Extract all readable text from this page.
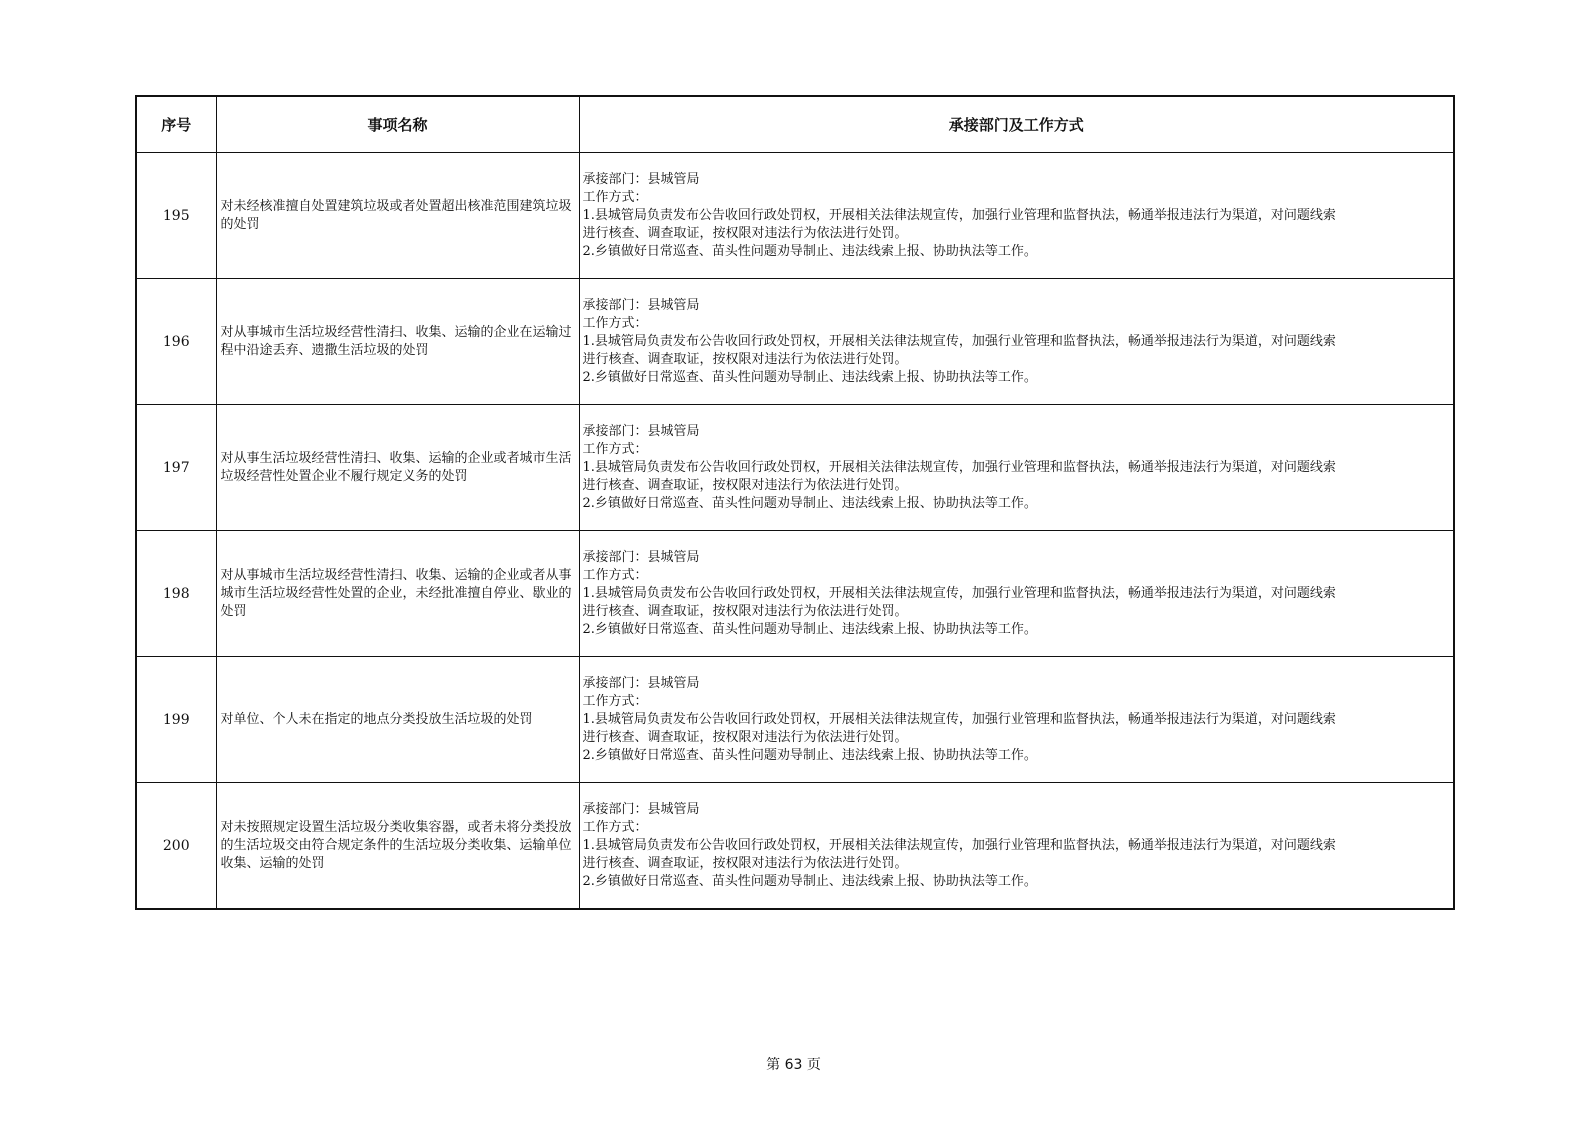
序号	事项名称	承接部门及工作方式
195	对未经核准擅自处置建筑垃圾或者处置超出核准范围建筑垃圾的处罚	承接部门：县城管局
工作方式：
1.县城管局负责发布公告收回行政处罚权，开展相关法律法规宣传，加强行业管理和监督执法，畅通举报违法行为渠道，对问题线索
进行核查、调查取证，按权限对违法行为依法进行处罚。
2.乡镇做好日常巡查、苗头性问题劝导制止、违法线索上报、协助执法等工作。

196	对从事城市生活垃圾经营性清扫、收集、运输的企业在运输过程中沿途丢弃、遗撒生活垃圾的处罚	承接部门：县城管局
工作方式：
1.县城管局负责发布公告收回行政处罚权，开展相关法律法规宣传，加强行业管理和监督执法，畅通举报违法行为渠道，对问题线索
进行核查、调查取证，按权限对违法行为依法进行处罚。
2.乡镇做好日常巡查、苗头性问题劝导制止、违法线索上报、协助执法等工作。

197	对从事生活垃圾经营性清扫、收集、运输的企业或者城市生活垃圾经营性处置企业不履行规定义务的处罚	承接部门：县城管局
工作方式：
1.县城管局负责发布公告收回行政处罚权，开展相关法律法规宣传，加强行业管理和监督执法，畅通举报违法行为渠道，对问题线索
进行核查、调查取证，按权限对违法行为依法进行处罚。
2.乡镇做好日常巡查、苗头性问题劝导制止、违法线索上报、协助执法等工作。

198	对从事城市生活垃圾经营性清扫、收集、运输的企业或者从事城市生活垃圾经营性处置的企业，未经批准擅自停业、歇业的处罚	承接部门：县城管局
工作方式：
1.县城管局负责发布公告收回行政处罚权，开展相关法律法规宣传，加强行业管理和监督执法，畅通举报违法行为渠道，对问题线索
进行核查、调查取证，按权限对违法行为依法进行处罚。
2.乡镇做好日常巡查、苗头性问题劝导制止、违法线索上报、协助执法等工作。

199	对单位、个人未在指定的地点分类投放生活垃圾的处罚	承接部门：县城管局
工作方式：
1.县城管局负责发布公告收回行政处罚权，开展相关法律法规宣传，加强行业管理和监督执法，畅通举报违法行为渠道，对问题线索
进行核查、调查取证，按权限对违法行为依法进行处罚。
2.乡镇做好日常巡查、苗头性问题劝导制止、违法线索上报、协助执法等工作。

200	对未按照规定设置生活垃圾分类收集容器，或者未将分类投放的生活垃圾交由符合规定条件的生活垃圾分类收集、运输单位收集、运输的处罚	承接部门：县城管局
工作方式：
1.县城管局负责发布公告收回行政处罚权，开展相关法律法规宣传，加强行业管理和监督执法，畅通举报违法行为渠道，对问题线索
进行核查、调查取证，按权限对违法行为依法进行处罚。
2.乡镇做好日常巡查、苗头性问题劝导制止、违法线索上报、协助执法等工作。
第 63 页
